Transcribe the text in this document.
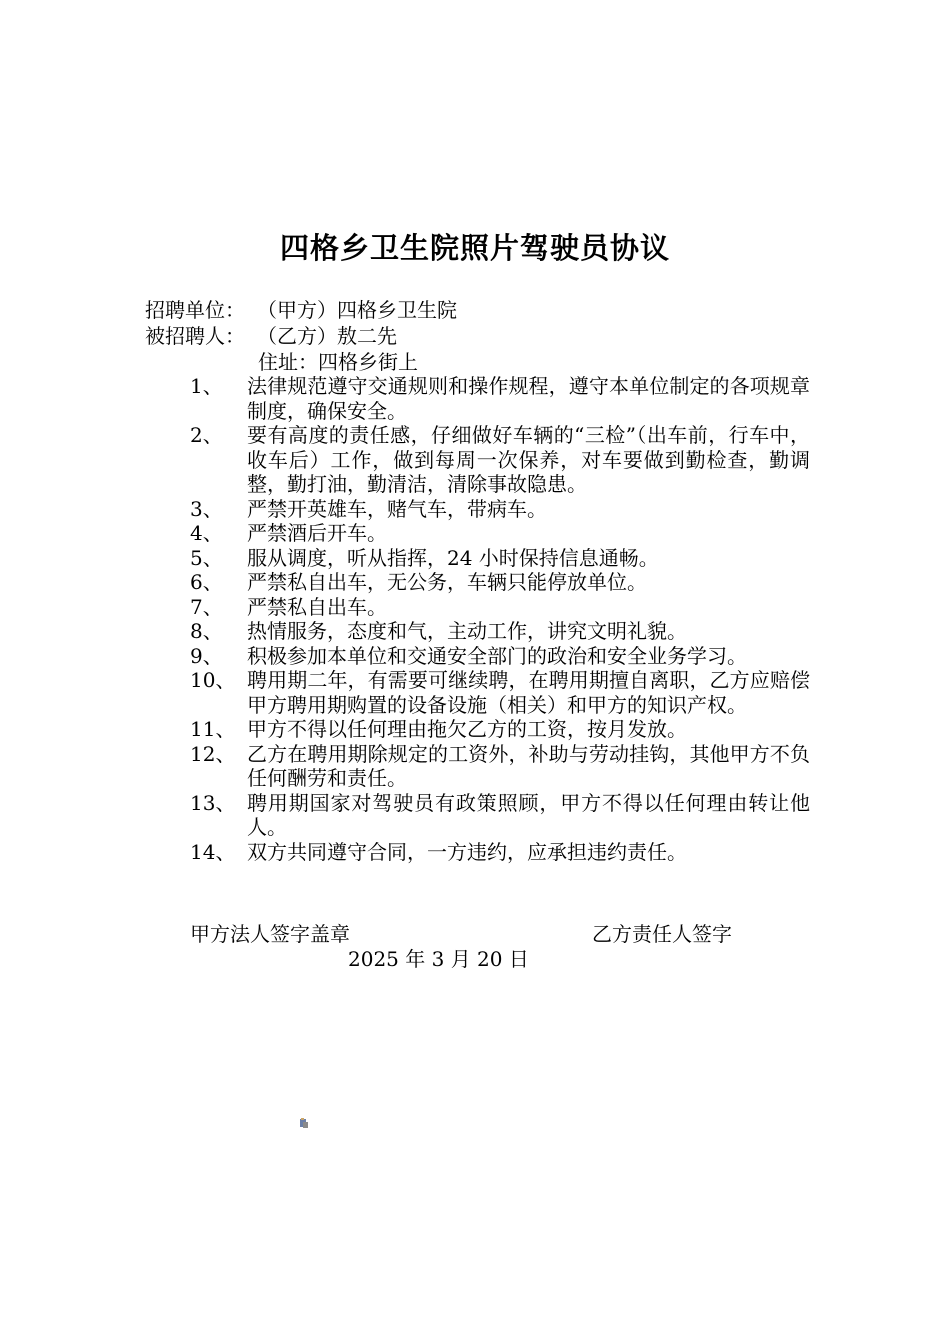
四格乡卫生院照片驾驶员协议
招聘单位： （甲方）四格乡卫生院
被招聘人： （乙方）敖二先
住址：四格乡街上
1、	法律规范遵守交通规则和操作规程，遵守本单位制定的各项规章制度，确保安全。
2、	要有高度的责任感，仔细做好车辆的“三检”（出车前，行车中，收车后）工作，做到每周一次保养，对车要做到勤检查，勤调整，勤打油，勤清洁，清除事故隐患。
3、	严禁开英雄车，赌气车，带病车。
4、	严禁酒后开车。
5、	服从调度，听从指挥，24 小时保持信息通畅。
6、	严禁私自出车，无公务，车辆只能停放单位。
7、	严禁私自出车。
8、	热情服务，态度和气，主动工作，讲究文明礼貌。
9、	积极参加本单位和交通安全部门的政治和安全业务学习。
10、 聘用期二年，有需要可继续聘，在聘用期擅自离职，乙方应赔偿甲方聘用期购置的设备设施（相关）和甲方的知识产权。
11、 甲方不得以任何理由拖欠乙方的工资，按月发放。
12、 乙方在聘用期除规定的工资外，补助与劳动挂钩，其他甲方不负任何酬劳和责任。
13、 聘用期国家对驾驶员有政策照顾，甲方不得以任何理由转让他人。
14、 双方共同遵守合同，一方违约，应承担违约责任。
甲方法人签字盖章	乙方责任人签字
2025 年 3 月 20 日
